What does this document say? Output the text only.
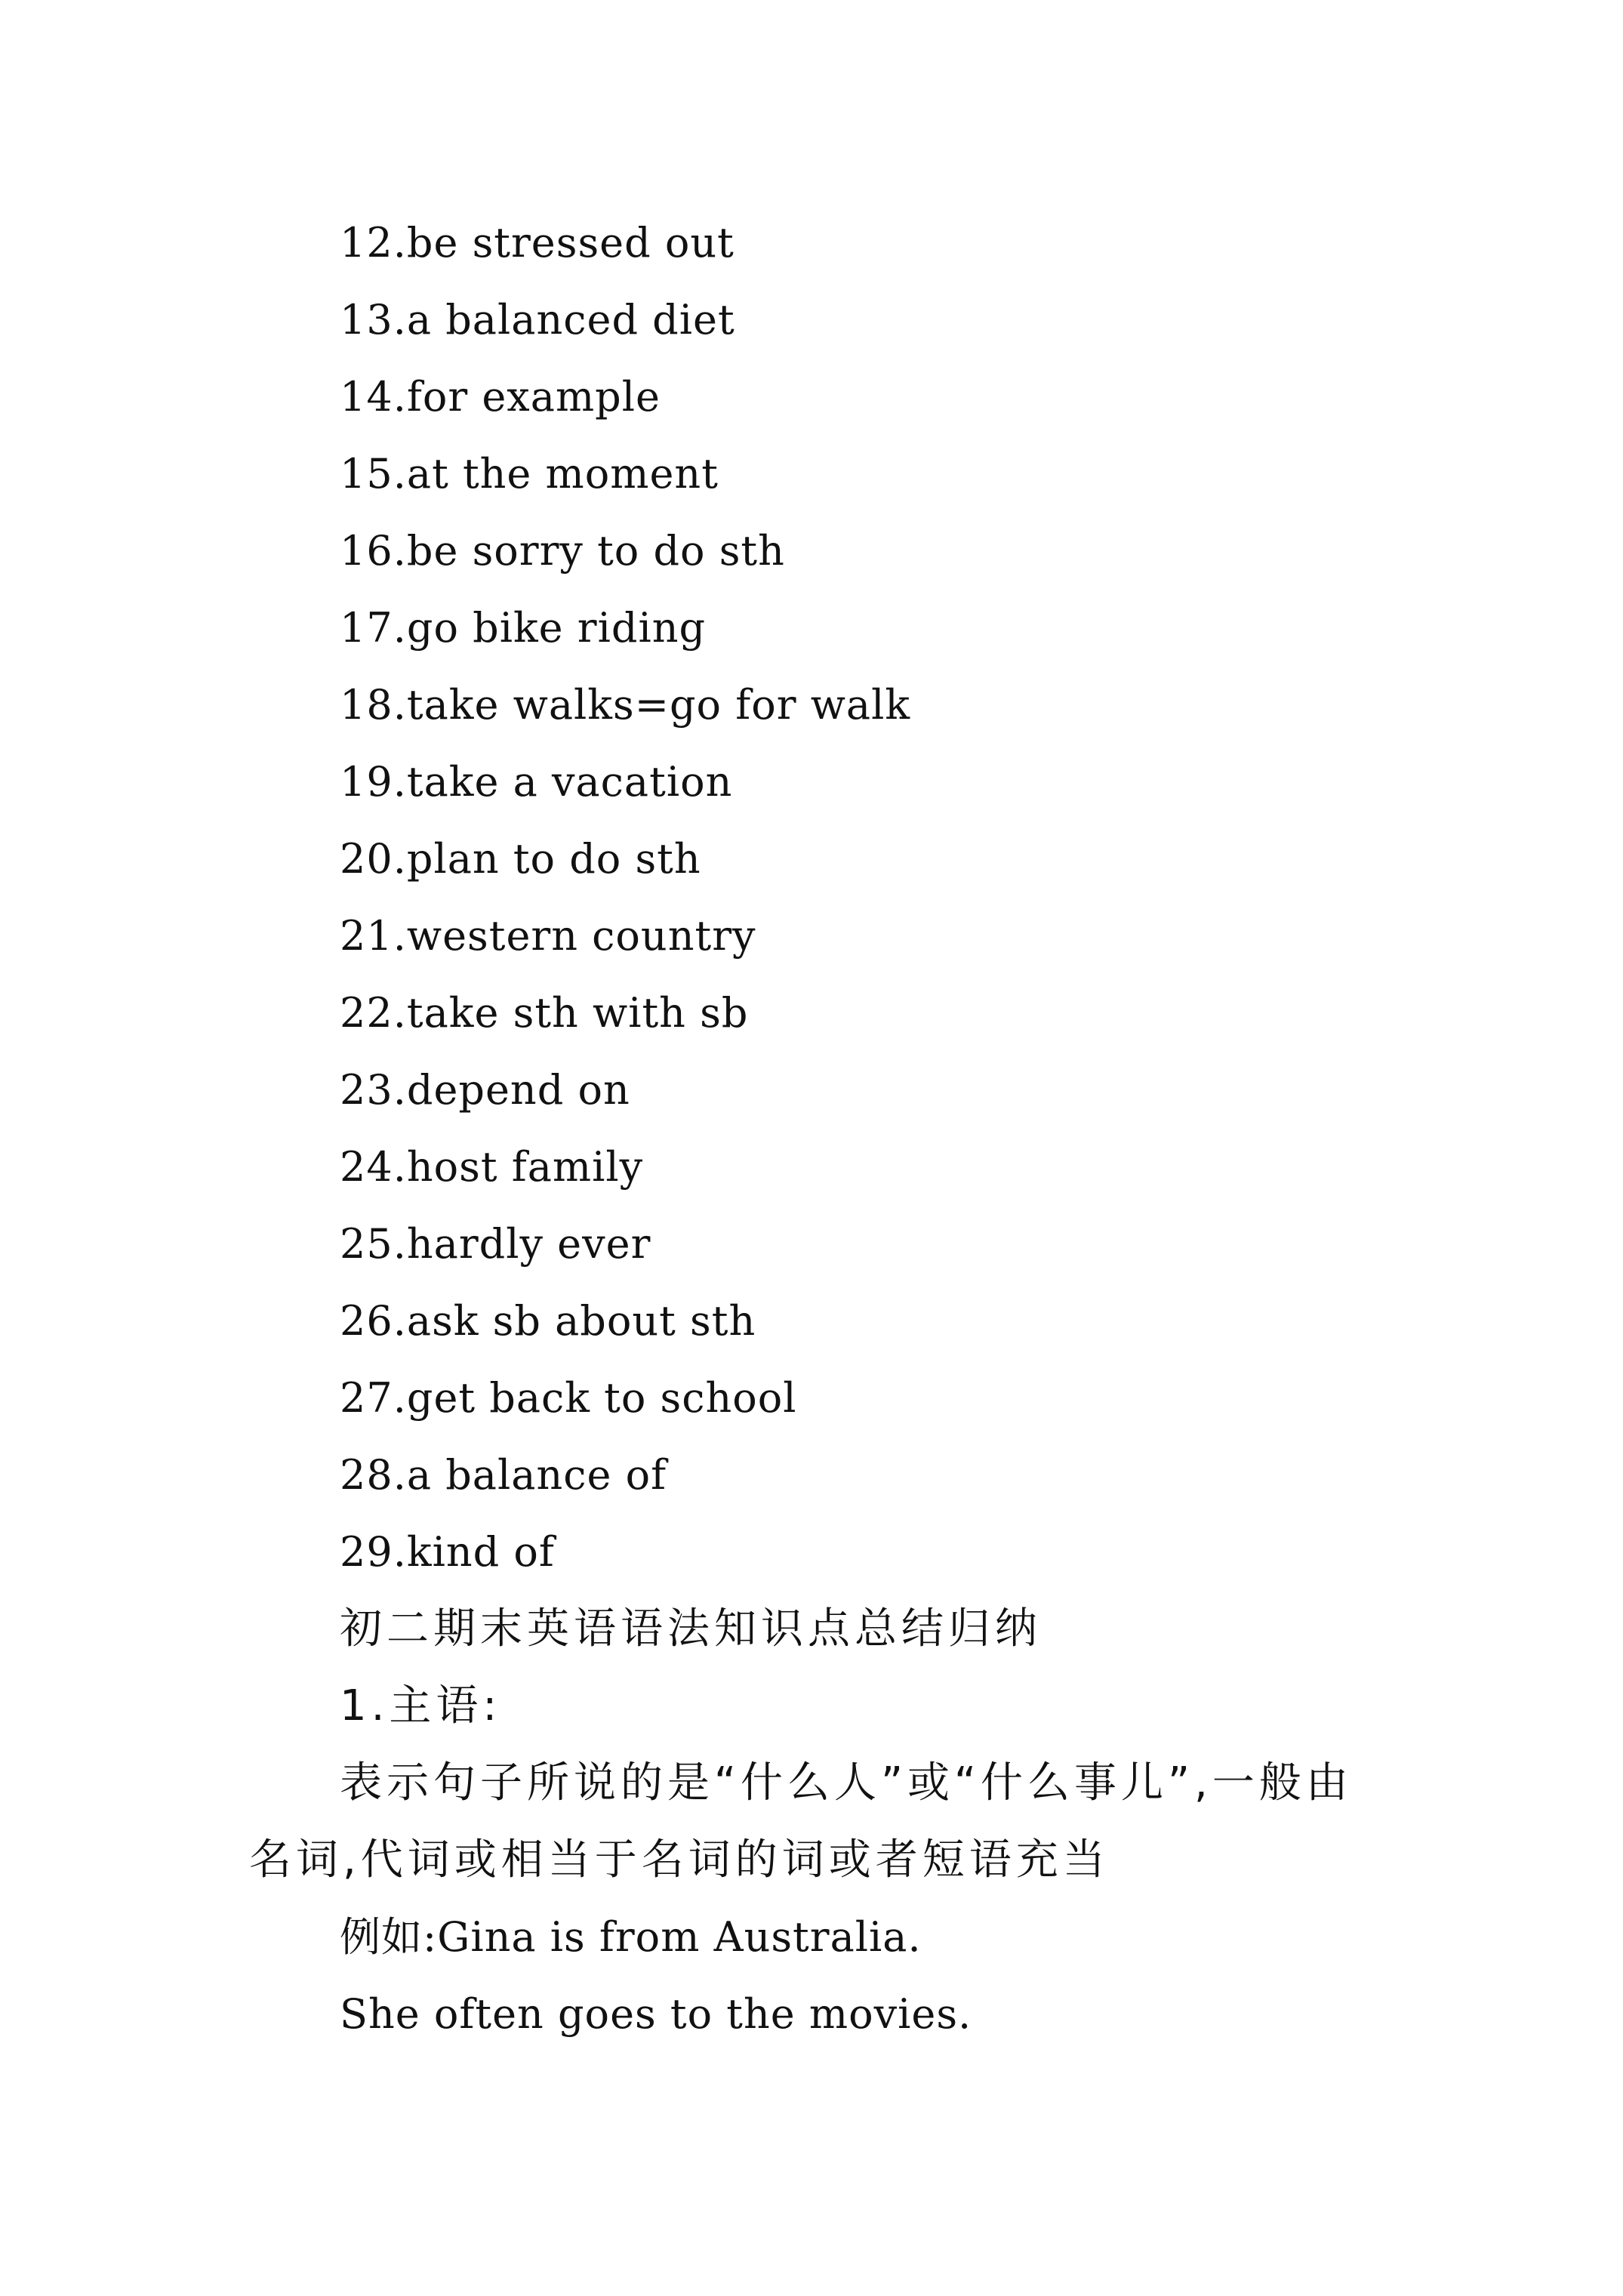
12.be stressed out
13.a balanced diet
14.for example
15.at the moment
16.be sorry to do sth
17.go bike riding
18.take walks=go for walk
19.take a vacation
20.plan to do sth
21.western country
22.take sth with sb
23.depend on
24.host family
25.hardly ever
26.ask sb about sth
27.get back to school
28.a balance of
29.kind of
初二期末英语语法知识点总结归纳
1.主语:
表示句子所说的是“什么人”或“什么事儿”,一般由
名词,代词或相当于名词的词或者短语充当
例如:Gina is from Australia.
She often goes to the movies.
